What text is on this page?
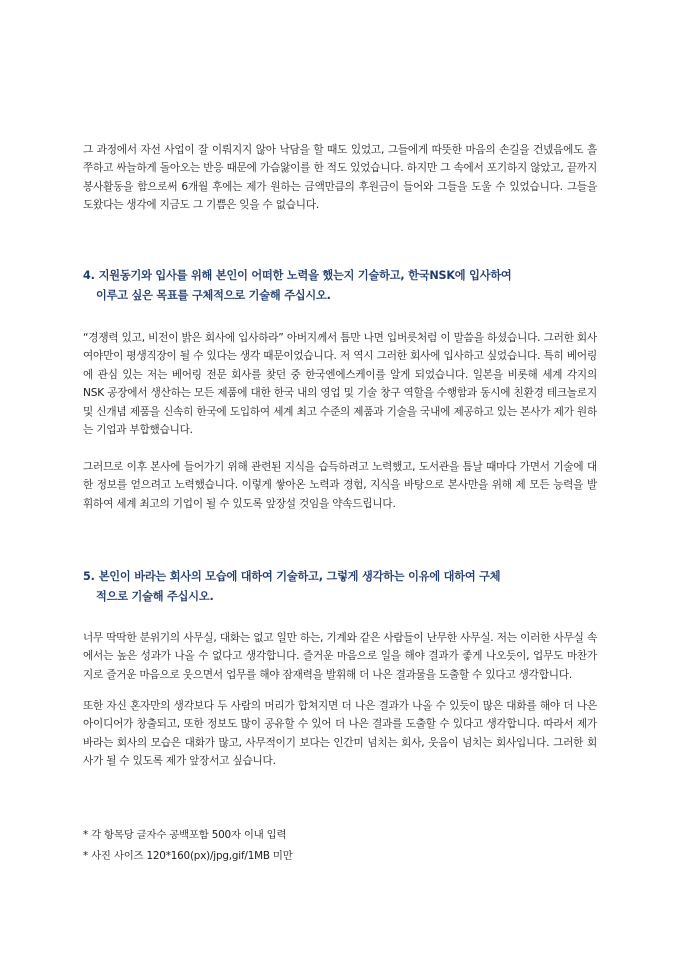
그 과정에서 자선 사업이 잘 이뤄지지 않아 낙담을 할 때도 있었고, 그들에게 따뜻한 마음의 손길을 건넸음에도 흘쭈하고 싸늘하게 돌아오는 반응 때문에 가슴앓이를 한 적도 있었습니다. 하지만 그 속에서 포기하지 않았고, 끝까지 봉사활동을 함으로써 6개월 후에는 제가 원하는 금액만큼의 후원금이 들어와 그들을 도울 수 있었습니다. 그들을 도왔다는 생각에 지금도 그 기쁨은 잊을 수 없습니다.

4. 지원동기와 입사를 위해 본인이 어떠한 노력을 했는지 기술하고, 한국NSK에 입사하여
이루고 싶은 목표를 구체적으로 기술해 주십시오.

“경쟁력 있고, 비전이 밝은 회사에 입사하라” 아버지께서 틈만 나면 입버릇처럼 이 말씀을 하셨습니다. 그러한 회사여야만이 평생직장이 될 수 있다는 생각 때문이었습니다. 저 역시 그러한 회사에 입사하고 싶었습니다. 특히 베어링에 관심 있는 저는 베어링 전문 회사를 찾던 중 한국엔에스케이를 알게 되었습니다. 일본을 비롯해 세계 각지의 NSK 공장에서 생산하는 모든 제품에 대한 한국 내의 영업 및 기술 창구 역할을 수행함과 동시에 친환경 테크놀로지 및 신개념 제품을 신속히 한국에 도입하여 세계 최고 수준의 제품과 기술을 국내에 제공하고 있는 본사가 제가 원하는 기업과 부합했습니다.

그러므로 이후 본사에 들어가기 위해 관련된 지식을 습득하려고 노력했고, 도서관을 틈날 때마다 가면서 기술에 대한 정보를 얻으려고 노력했습니다. 이렇게 쌓아온 노력과 경험, 지식을 바탕으로 본사만을 위해 제 모든 능력을 발휘하여 세계 최고의 기업이 될 수 있도록 앞장설 것임을 약속드립니다.

5. 본인이 바라는 회사의 모습에 대하여 기술하고, 그렇게 생각하는 이유에 대하여 구체
적으로 기술해 주십시오.

너무 딱딱한 분위기의 사무실, 대화는 없고 일만 하는, 기계와 같은 사람들이 난무한 사무실. 저는 이러한 사무실 속에서는 높은 성과가 나올 수 없다고 생각합니다. 즐거운 마음으로 일을 해야 결과가 좋게 나오듯이, 업무도 마찬가지로 즐거운 마음으로 웃으면서 업무를 해야 잠재력을 발휘해 더 나은 결과물을 도출할 수 있다고 생각합니다.

또한 자신 혼자만의 생각보다 두 사람의 머리가 합쳐지면 더 나은 결과가 나올 수 있듯이 많은 대화를 해야 더 나은 아이디어가 창출되고, 또한 정보도 많이 공유할 수 있어 더 나은 결과를 도출할 수 있다고 생각합니다. 따라서 제가 바라는 회사의 모습은 대화가 많고, 사무적이기 보다는 인간미 넘치는 회사, 웃음이 넘치는 회사입니다. 그러한 회사가 될 수 있도록 제가 앞장서고 싶습니다.

* 각 항목당 글자수 공백포함 500자 이내 입력

* 사진 사이즈 120*160(px)/jpg,gif/1MB 미만
